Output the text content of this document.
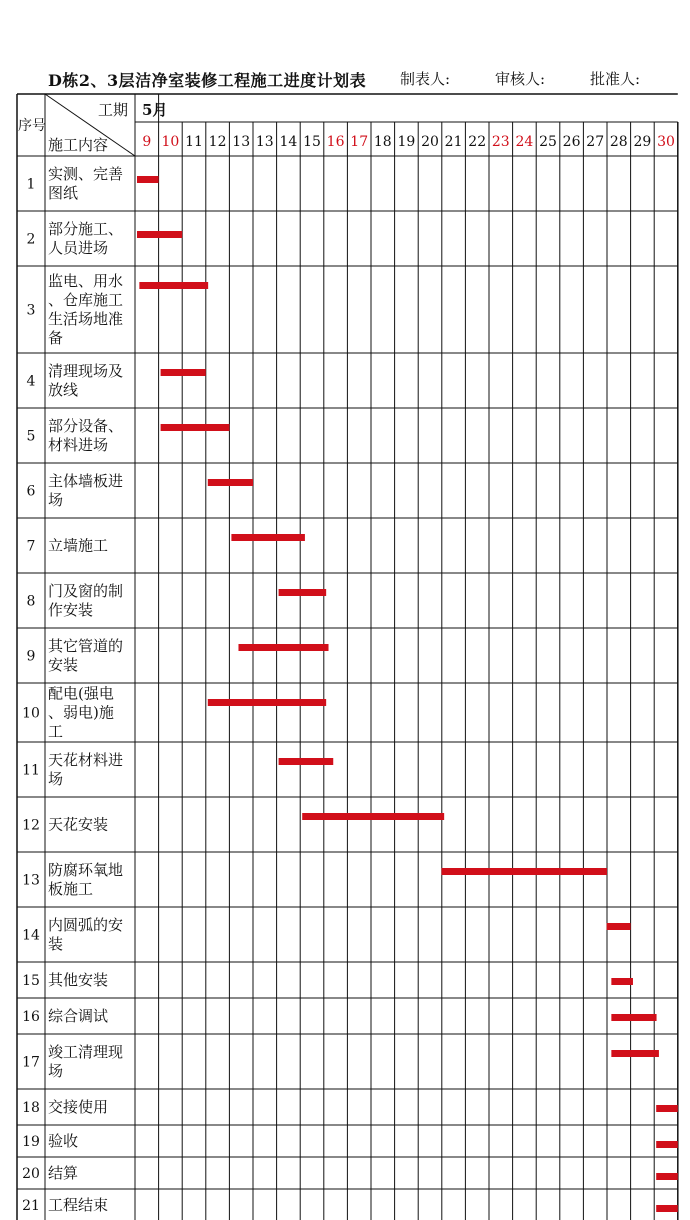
D栋2、3层洁净室装修工程施工进度计划表 制表人:	审核人:	批准人:
序号
工期
施工内容
5月
9 10 11 12 13 13 14 15 16 17 18 19 20 21 22 23 24 25 26 27 28 29 30
1
实测、完善图纸
2
部分施工、人员进场
3
监电、用水、仓库施工生活场地准备
4
清理现场及放线
5
部分设备、材料进场
6
主体墙板进场
7 立墙施工
8
门及窗的制作安装
9
其它管道的安装
10
配电(强电、弱电)施工
11
天花材料进场
12 天花安装
13
防腐环氧地板施工
14
内圆弧的安装
15 其他安装
16 综合调试
17
竣工清理现场
18 交接使用
19 验收
20 结算
21 工程结束
